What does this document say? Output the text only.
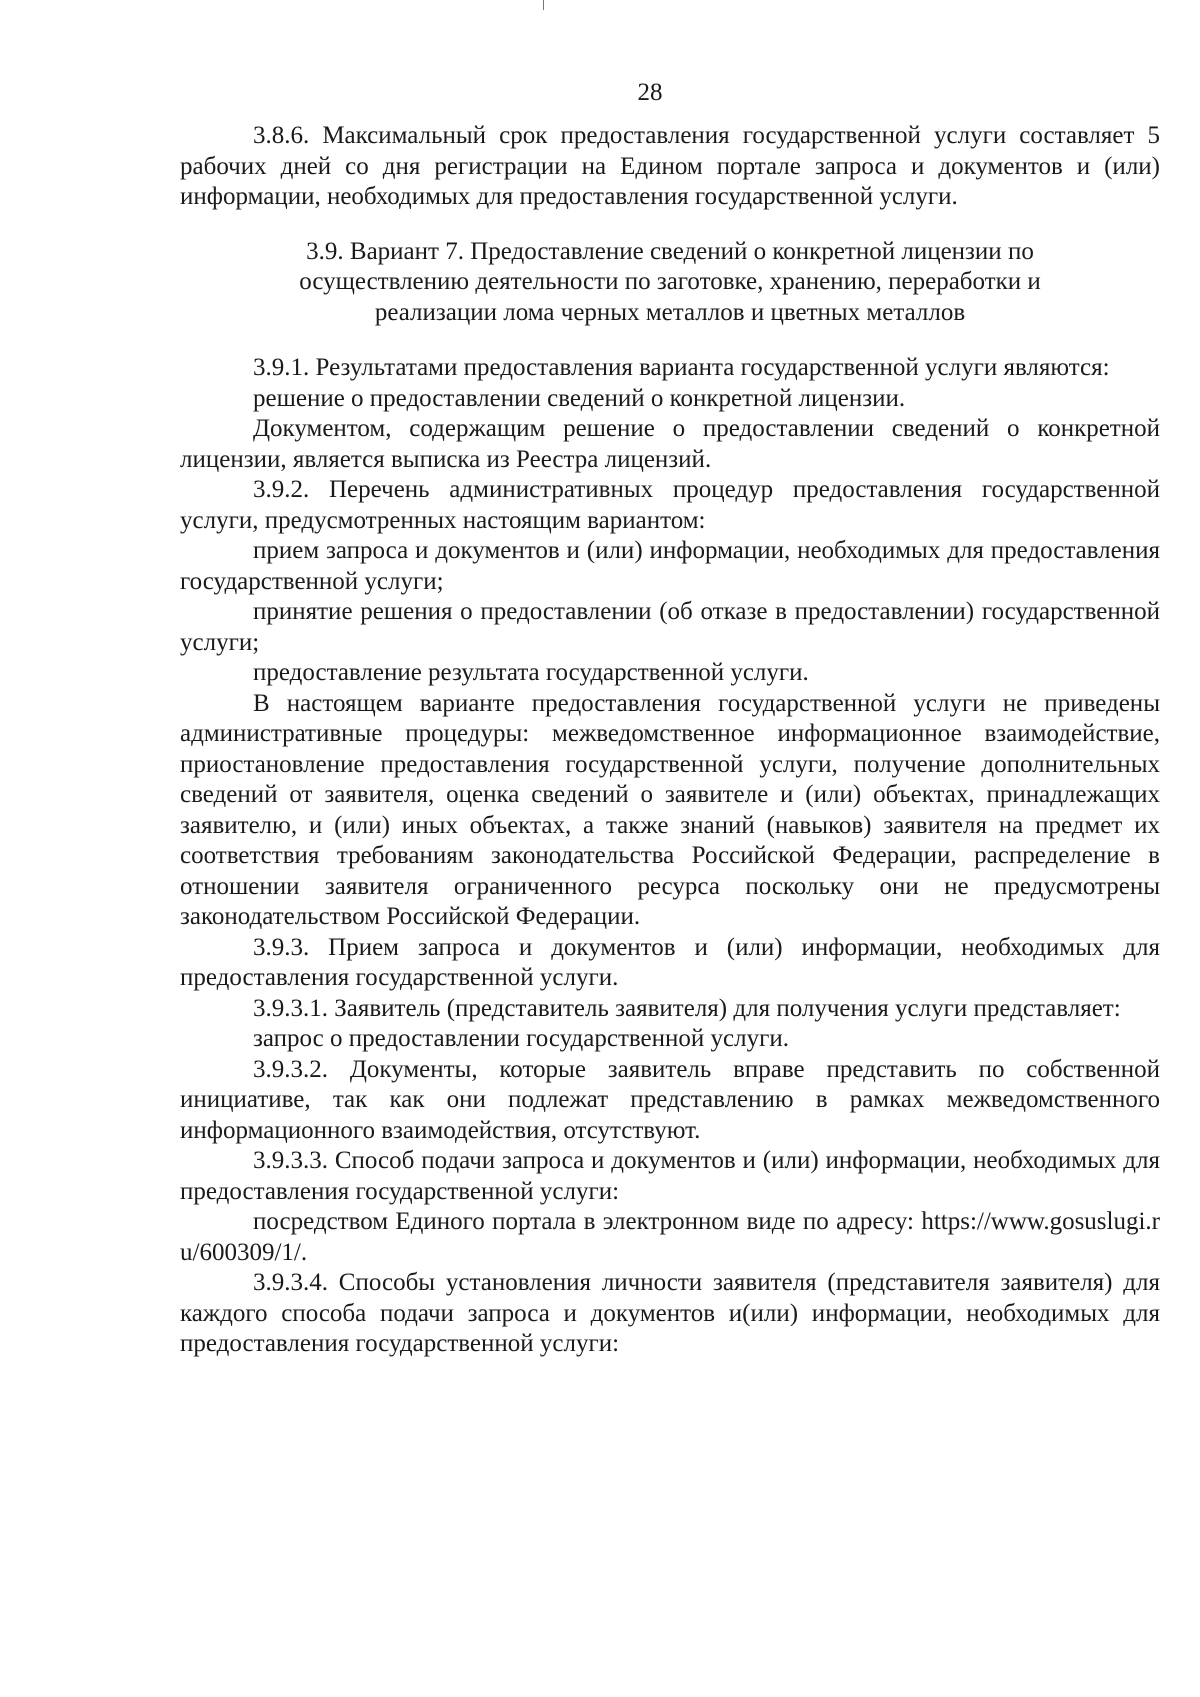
28

3.8.6. Максимальный срок предоставления государственной услуги составляет 5 рабочих дней со дня регистрации на Едином портале запроса и документов и (или) информации, необходимых для предоставления государственной услуги.

3.9. Вариант 7. Предоставление сведений о конкретной лицензии по
осуществлению деятельности по заготовке, хранению, переработки и
реализации лома черных металлов и цветных металлов

3.9.1. Результатами предоставления варианта государственной услуги являются:

решение о предоставлении сведений о конкретной лицензии.

Документом, содержащим решение о предоставлении сведений о конкретной лицензии, является выписка из Реестра лицензий.

3.9.2. Перечень административных процедур предоставления государственной услуги, предусмотренных настоящим вариантом:

прием запроса и документов и (или) информации, необходимых для предоставления государственной услуги;

принятие решения о предоставлении (об отказе в предоставлении) государственной услуги;

предоставление результата государственной услуги.

В настоящем варианте предоставления государственной услуги не приведены административные процедуры: межведомственное информационное взаимодействие, приостановление предоставления государственной услуги, получение дополнительных сведений от заявителя, оценка сведений о заявителе и (или) объектах, принадлежащих заявителю, и (или) иных объектах, а также знаний (навыков) заявителя на предмет их соответствия требованиям законодательства Российской Федерации, распределение в отношении заявителя ограниченного ресурса поскольку они не предусмотрены законодательством Российской Федерации.

3.9.3. Прием запроса и документов и (или) информации, необходимых для предоставления государственной услуги.

3.9.3.1. Заявитель (представитель заявителя) для получения услуги представляет:

запрос о предоставлении государственной услуги.

3.9.3.2. Документы, которые заявитель вправе представить по собственной инициативе, так как они подлежат представлению в рамках межведомственного информационного взаимодействия, отсутствуют.

3.9.3.3. Способ подачи запроса и документов и (или) информации, необходимых для предоставления государственной услуги:

посредством Единого портала в электронном виде по адресу: https://www.gosuslugi.ru/600309/1/.

3.9.3.4. Способы установления личности заявителя (представителя заявителя) для каждого способа подачи запроса и документов и(или) информации, необходимых для предоставления государственной услуги:
